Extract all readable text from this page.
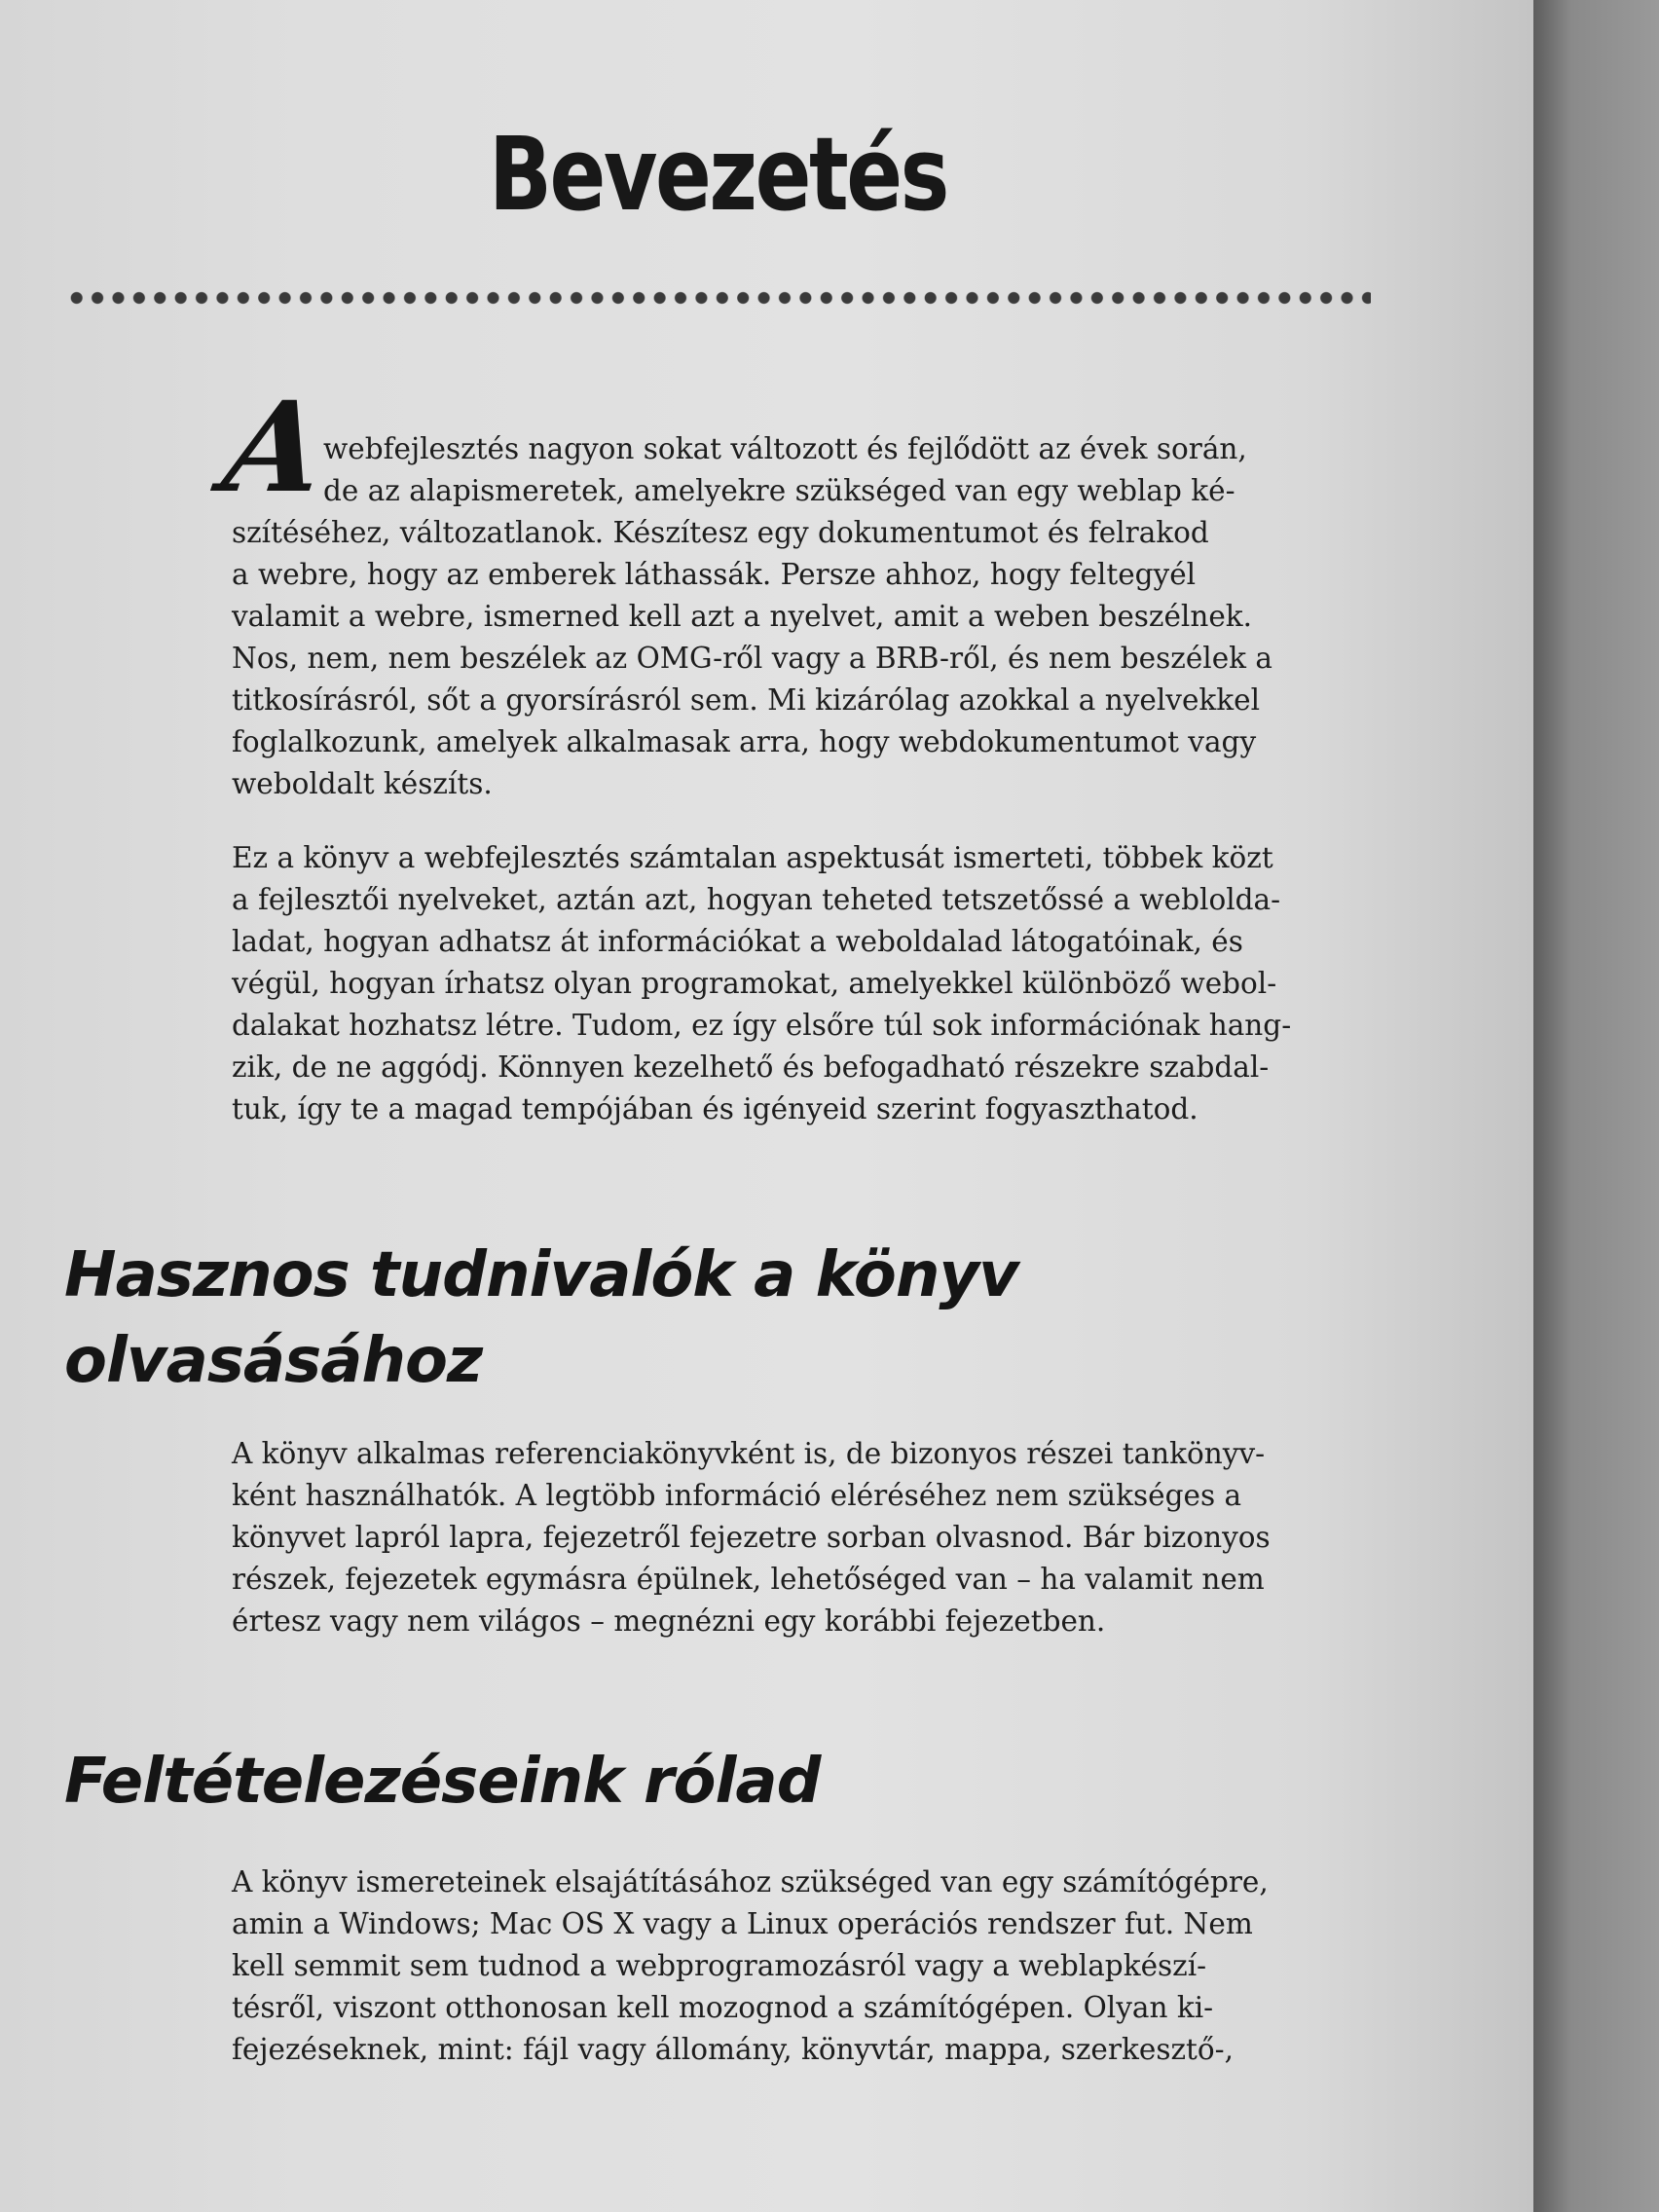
Bevezetés
A
webfejlesztés nagyon sokat változott és fejlődött az évek során,
de az alapismeretek, amelyekre szükséged van egy weblap ké-
szítéséhez, változatlanok. Készítesz egy dokumentumot és felrakod
a webre, hogy az emberek láthassák. Persze ahhoz, hogy feltegyél
valamit a webre, ismerned kell azt a nyelvet, amit a weben beszélnek.
Nos, nem, nem beszélek az OMG-ről vagy a BRB-ről, és nem beszélek a
titkosírásról, sőt a gyorsírásról sem. Mi kizárólag azokkal a nyelvekkel
foglalkozunk, amelyek alkalmasak arra, hogy webdokumentumot vagy
weboldalt készíts.
Ez a könyv a webfejlesztés számtalan aspektusát ismerteti, többek közt
a fejlesztői nyelveket, aztán azt, hogyan teheted tetszetőssé a weblolda-
ladat, hogyan adhatsz át információkat a weboldalad látogatóinak, és
végül, hogyan írhatsz olyan programokat, amelyekkel különböző webol-
dalakat hozhatsz létre. Tudom, ez így elsőre túl sok információnak hang-
zik, de ne aggódj. Könnyen kezelhető és befogadható részekre szabdal-
tuk, így te a magad tempójában és igényeid szerint fogyaszthatod.
Hasznos tudnivalók a könyv
olvasásához
A könyv alkalmas referenciakönyvként is, de bizonyos részei tankönyv-
ként használhatók. A legtöbb információ eléréséhez nem szükséges a
könyvet lapról lapra, fejezetről fejezetre sorban olvasnod. Bár bizonyos
részek, fejezetek egymásra épülnek, lehetőséged van – ha valamit nem
értesz vagy nem világos – megnézni egy korábbi fejezetben.
Feltételezéseink rólad
A könyv ismereteinek elsajátításához szükséged van egy számítógépre,
amin a Windows; Mac OS X vagy a Linux operációs rendszer fut. Nem
kell semmit sem tudnod a webprogramozásról vagy a weblapkészí-
tésről, viszont otthonosan kell mozognod a számítógépen. Olyan ki-
fejezéseknek, mint: fájl vagy állomány, könyvtár, mappa, szerkesztő-,
